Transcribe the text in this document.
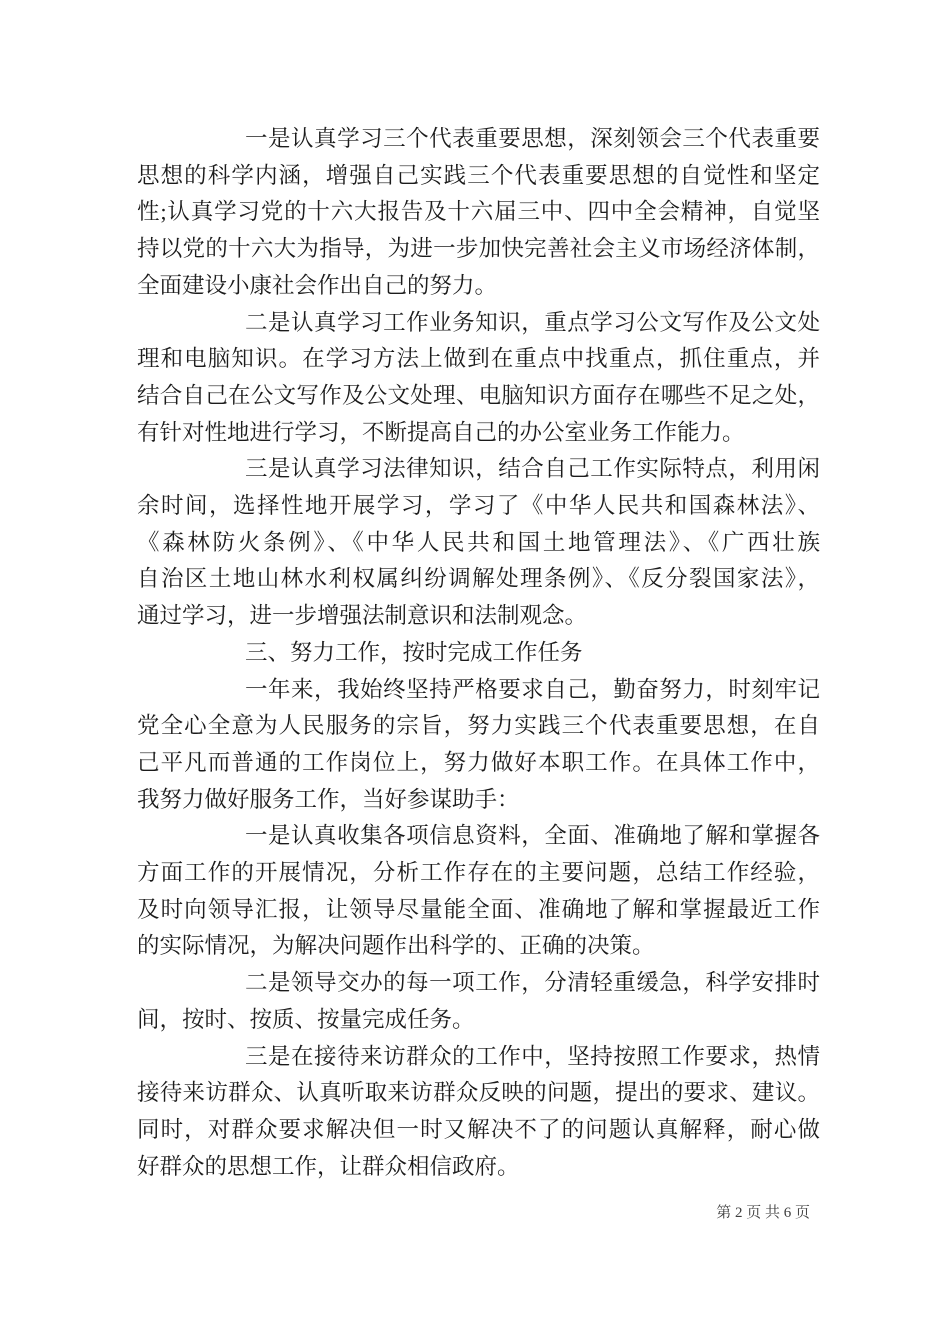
一是认真学习三个代表重要思想，深刻领会三个代表重要
思想的科学内涵，增强自己实践三个代表重要思想的自觉性和坚定
性;认真学习党的十六大报告及十六届三中、四中全会精神，自觉坚
持以党的十六大为指导，为进一步加快完善社会主义市场经济体制，
全面建设小康社会作出自己的努力。
二是认真学习工作业务知识，重点学习公文写作及公文处
理和电脑知识。在学习方法上做到在重点中找重点，抓住重点，并
结合自己在公文写作及公文处理、电脑知识方面存在哪些不足之处，
有针对性地进行学习，不断提高自己的办公室业务工作能力。
三是认真学习法律知识，结合自己工作实际特点，利用闲
余时间，选择性地开展学习，学习了《中华人民共和国森林法》、
《森林防火条例》、《中华人民共和国土地管理法》、《广西壮族
自治区土地山林水利权属纠纷调解处理条例》、《反分裂国家法》，
通过学习，进一步增强法制意识和法制观念。
三、努力工作，按时完成工作任务
一年来，我始终坚持严格要求自己，勤奋努力，时刻牢记
党全心全意为人民服务的宗旨，努力实践三个代表重要思想，在自
己平凡而普通的工作岗位上，努力做好本职工作。在具体工作中，
我努力做好服务工作，当好参谋助手：
一是认真收集各项信息资料，全面、准确地了解和掌握各
方面工作的开展情况，分析工作存在的主要问题，总结工作经验，
及时向领导汇报，让领导尽量能全面、准确地了解和掌握最近工作
的实际情况，为解决问题作出科学的、正确的决策。
二是领导交办的每一项工作，分清轻重缓急，科学安排时
间，按时、按质、按量完成任务。
三是在接待来访群众的工作中，坚持按照工作要求，热情
接待来访群众、认真听取来访群众反映的问题，提出的要求、建议。
同时，对群众要求解决但一时又解决不了的问题认真解释，耐心做
好群众的思想工作，让群众相信政府。
第 2 页 共 6 页
